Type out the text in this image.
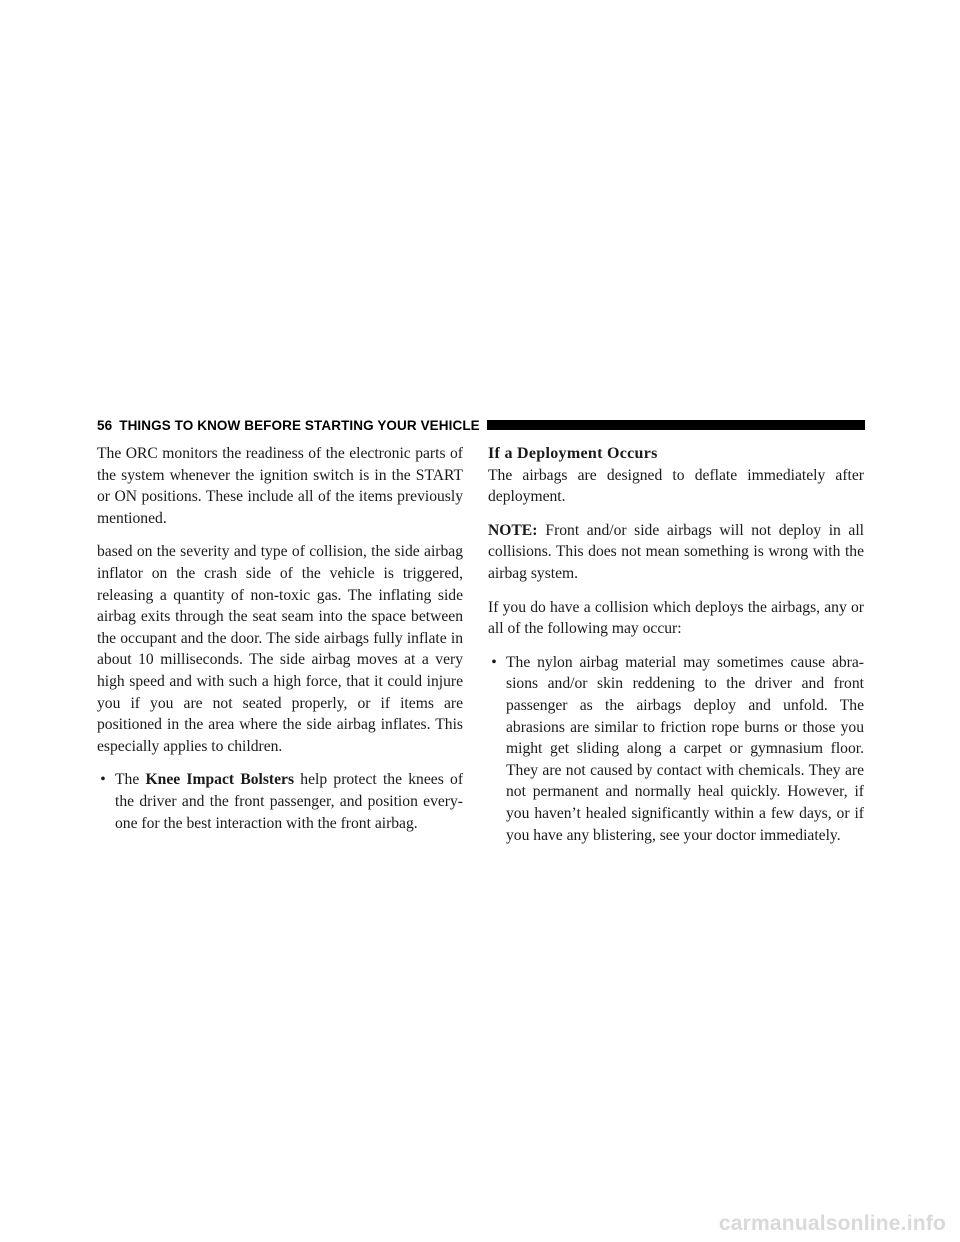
56 THINGS TO KNOW BEFORE STARTING YOUR VEHICLE

The ORC monitors the readiness of the electronic parts of the system whenever the ignition switch is in the START or ON positions. These include all of the items previously mentioned.

based on the severity and type of collision, the side airbag inflator on the crash side of the vehicle is triggered, releasing a quantity of non-toxic gas. The inflating side airbag exits through the seat seam into the space between the occupant and the door. The side airbags fully inflate in about 10 milliseconds. The side airbag moves at a very high speed and with such a high force, that it could injure you if you are not seated properly, or if items are positioned in the area where the side airbag inflates. This especially applies to children.

• The Knee Impact Bolsters help protect the knees of the driver and the front passenger, and position every-one for the best interaction with the front airbag.
If a Deployment Occurs

The airbags are designed to deflate immediately after deployment.

NOTE: Front and/or side airbags will not deploy in all collisions. This does not mean something is wrong with the airbag system.

If you do have a collision which deploys the airbags, any or all of the following may occur:

• The nylon airbag material may sometimes cause abra-sions and/or skin reddening to the driver and front passenger as the airbags deploy and unfold. The abrasions are similar to friction rope burns or those you might get sliding along a carpet or gymnasium floor. They are not caused by contact with chemicals. They are not permanent and normally heal quickly. However, if you haven’t healed significantly within a few days, or if you have any blistering, see your doctor immediately.
carmanualsonline.info
